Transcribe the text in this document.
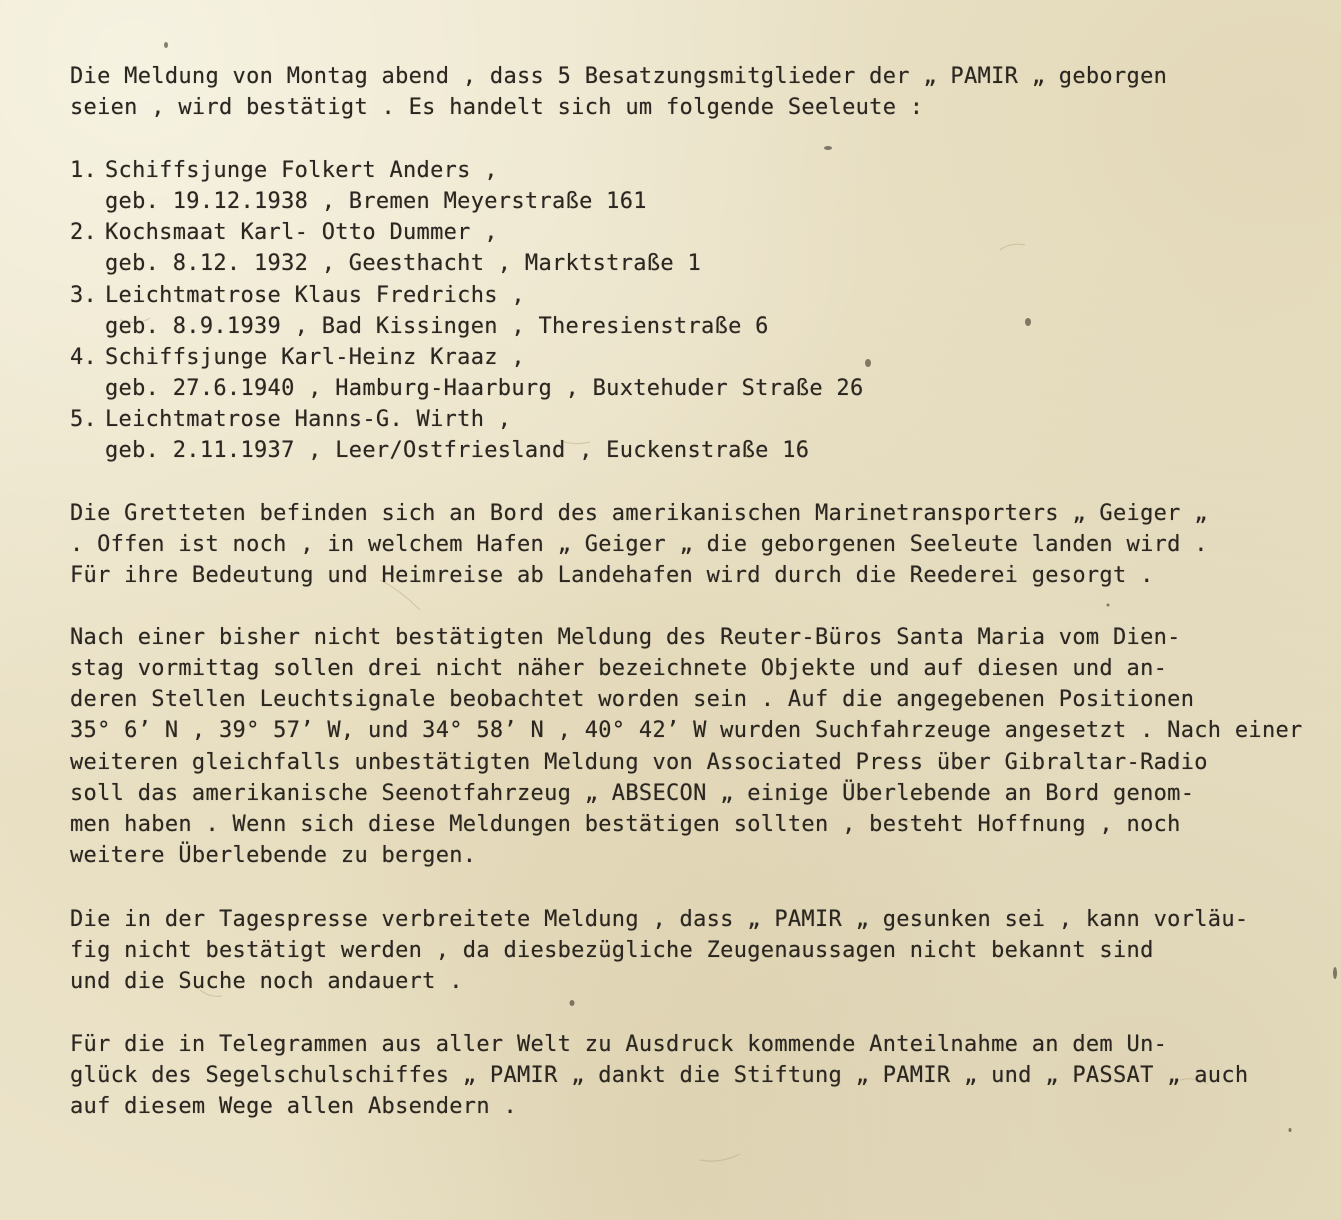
Die Meldung von Montag abend , dass 5 Besatzungsmitglieder der „ PAMIR „ geborgen
seien , wird bestätigt . Es handelt sich um folgende Seeleute :
1. Schiffsjunge Folkert Anders ,
geb. 19.12.1938 , Bremen Meyerstraße 161
2. Kochsmaat Karl- Otto Dummer ,
geb. 8.12. 1932 , Geesthacht , Marktstraße 1
3. Leichtmatrose Klaus Fredrichs ,
geb. 8.9.1939 , Bad Kissingen , Theresienstraße 6
4. Schiffsjunge Karl-Heinz Kraaz ,
geb. 27.6.1940 , Hamburg-Haarburg , Buxtehuder Straße 26
5. Leichtmatrose Hanns-G. Wirth ,
geb. 2.11.1937 , Leer/Ostfriesland , Euckenstraße 16
Die Gretteten befinden sich an Bord des amerikanischen Marinetransporters „ Geiger „
. Offen ist noch , in welchem Hafen „ Geiger „ die geborgenen Seeleute landen wird .
Für ihre Bedeutung und Heimreise ab Landehafen wird durch die Reederei gesorgt .
Nach einer bisher nicht bestätigten Meldung des Reuter-Büros Santa Maria vom Dien-
stag vormittag sollen drei nicht näher bezeichnete Objekte und auf diesen und an-
deren Stellen Leuchtsignale beobachtet worden sein . Auf die angegebenen Positionen
35° 6’ N , 39° 57’ W, und 34° 58’ N , 40° 42’ W wurden Suchfahrzeuge angesetzt . Nach einer
weiteren gleichfalls unbestätigten Meldung von Associated Press über Gibraltar-Radio
soll das amerikanische Seenotfahrzeug „ ABSECON „ einige Überlebende an Bord genom-
men haben . Wenn sich diese Meldungen bestätigen sollten , besteht Hoffnung , noch
weitere Überlebende zu bergen.
Die in der Tagespresse verbreitete Meldung , dass „ PAMIR „ gesunken sei , kann vorläu-
fig nicht bestätigt werden , da diesbezügliche Zeugenaussagen nicht bekannt sind
und die Suche noch andauert .
Für die in Telegrammen aus aller Welt zu Ausdruck kommende Anteilnahme an dem Un-
glück des Segelschulschiffes „ PAMIR „ dankt die Stiftung „ PAMIR „ und „ PASSAT „ auch
auf diesem Wege allen Absendern .
